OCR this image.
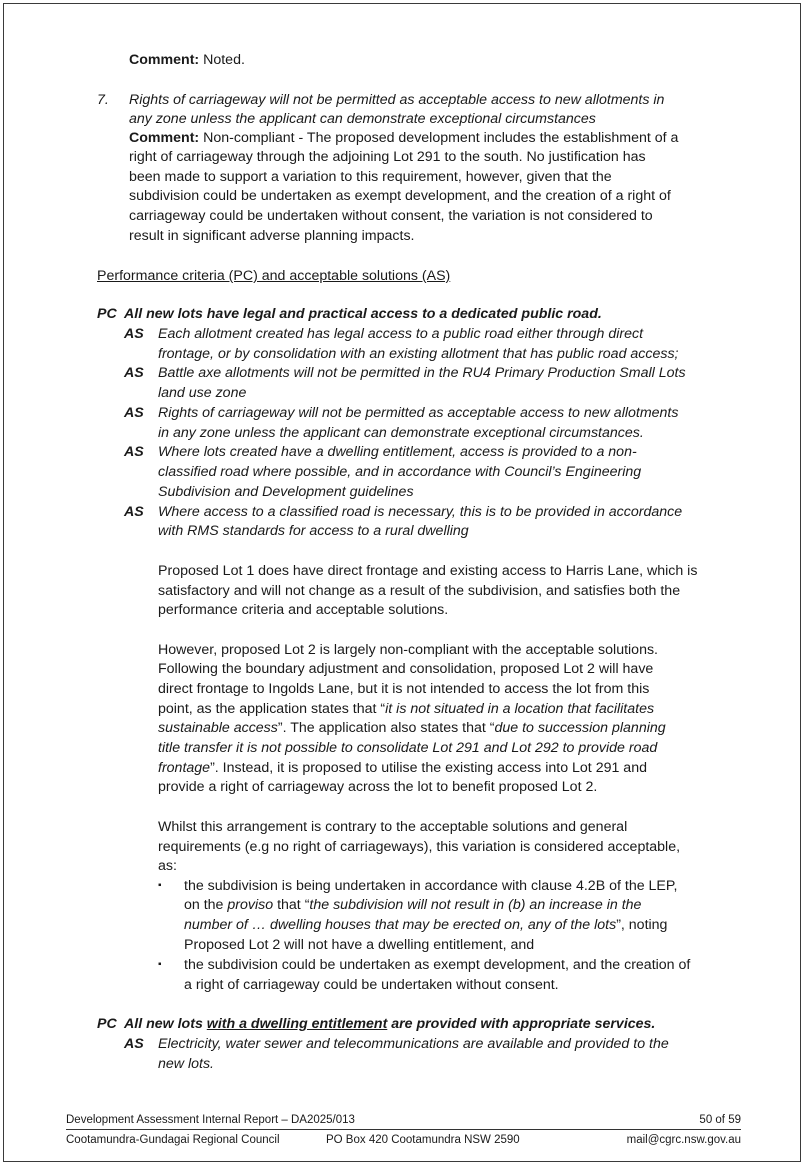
Comment: Noted.
7. Rights of carriageway will not be permitted as acceptable access to new allotments in
any zone unless the applicant can demonstrate exceptional circumstances
Comment: Non-compliant - The proposed development includes the establishment of a
right of carriageway through the adjoining Lot 291 to the south. No justification has
been made to support a variation to this requirement, however, given that the
subdivision could be undertaken as exempt development, and the creation of a right of
carriageway could be undertaken without consent, the variation is not considered to
result in significant adverse planning impacts.
Performance criteria (PC) and acceptable solutions (AS)
PC All new lots have legal and practical access to a dedicated public road.
AS Each allotment created has legal access to a public road either through direct
frontage, or by consolidation with an existing allotment that has public road access;
AS Battle axe allotments will not be permitted in the RU4 Primary Production Small Lots
land use zone
AS Rights of carriageway will not be permitted as acceptable access to new allotments
in any zone unless the applicant can demonstrate exceptional circumstances.
AS Where lots created have a dwelling entitlement, access is provided to a non-
classified road where possible, and in accordance with Council’s Engineering
Subdivision and Development guidelines
AS Where access to a classified road is necessary, this is to be provided in accordance
with RMS standards for access to a rural dwelling
Proposed Lot 1 does have direct frontage and existing access to Harris Lane, which is
satisfactory and will not change as a result of the subdivision, and satisfies both the
performance criteria and acceptable solutions.
However, proposed Lot 2 is largely non-compliant with the acceptable solutions.
Following the boundary adjustment and consolidation, proposed Lot 2 will have
direct frontage to Ingolds Lane, but it is not intended to access the lot from this
point, as the application states that “it is not situated in a location that facilitates
sustainable access”. The application also states that “due to succession planning
title transfer it is not possible to consolidate Lot 291 and Lot 292 to provide road
frontage”. Instead, it is proposed to utilise the existing access into Lot 291 and
provide a right of carriageway across the lot to benefit proposed Lot 2.
Whilst this arrangement is contrary to the acceptable solutions and general
requirements (e.g no right of carriageways), this variation is considered acceptable,
as:
▪ the subdivision is being undertaken in accordance with clause 4.2B of the LEP,
on the proviso that “the subdivision will not result in (b) an increase in the
number of … dwelling houses that may be erected on, any of the lots”, noting
Proposed Lot 2 will not have a dwelling entitlement, and
▪ the subdivision could be undertaken as exempt development, and the creation of
a right of carriageway could be undertaken without consent.
PC All new lots with a dwelling entitlement are provided with appropriate services.
AS Electricity, water sewer and telecommunications are available and provided to the
new lots.
Development Assessment Internal Report – DA2025/013	50 of 59
Cootamundra-Gundagai Regional Council	PO Box 420 Cootamundra NSW 2590	mail@cgrc.nsw.gov.au
